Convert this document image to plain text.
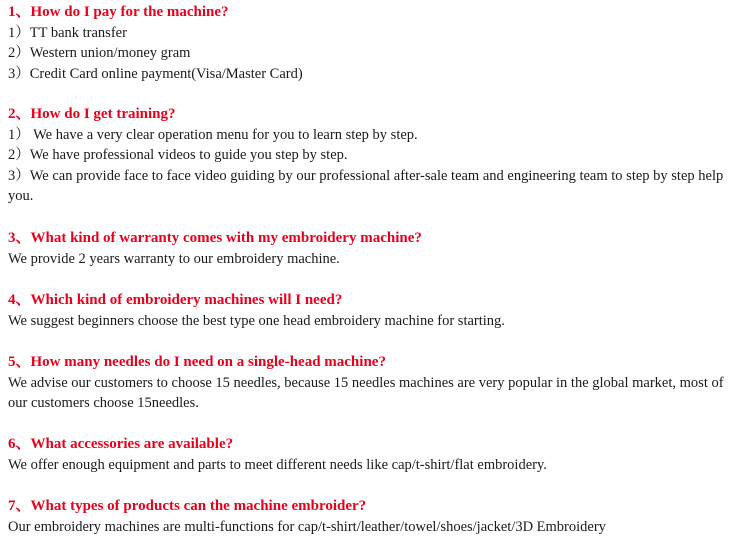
1、How do I pay for the machine?
1）TT bank transfer
2）Western union/money gram
3）Credit Card online payment(Visa/Master Card)
2、How do I get training?
1） We have a very clear operation menu for you to learn step by step.
2）We have professional videos to guide you step by step.
3）We can provide face to face video guiding by our professional after-sale team and engineering team to step by step help you.
3、What kind of warranty comes with my embroidery machine?
We provide 2 years warranty to our embroidery machine.
4、Which kind of embroidery machines will I need?
We suggest beginners choose the best type one head embroidery machine for starting.
5、How many needles do I need on a single-head machine?
We advise our customers to choose 15 needles, because 15 needles machines are very popular in the global market, most of our customers choose 15needles.
6、What accessories are available?
We offer enough equipment and parts to meet different needs like cap/t-shirt/flat embroidery.
7、What types of products can the machine embroider?
Our embroidery machines are multi-functions for cap/t-shirt/leather/towel/shoes/jacket/3D Embroidery
